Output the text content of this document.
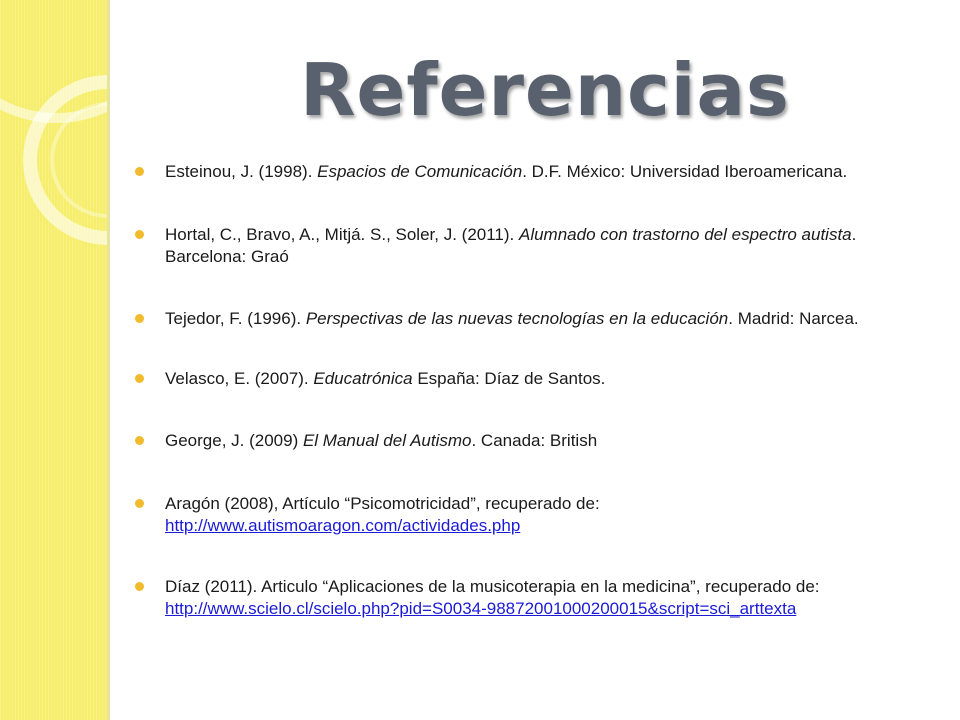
Referencias
Esteinou, J. (1998). Espacios de Comunicación. D.F. México: Universidad Iberoamericana.
Hortal, C., Bravo, A., Mitjá. S., Soler, J. (2011). Alumnado con trastorno del espectro autista. Barcelona: Graó
Tejedor, F. (1996). Perspectivas de las nuevas tecnologías en la educación. Madrid: Narcea.
Velasco, E. (2007). Educatrónica España: Díaz de Santos.
George, J. (2009) El Manual del Autismo. Canada: British
Aragón (2008), Artículo “Psicomotricidad”, recuperado de: http://www.autismoaragon.com/actividades.php
Díaz (2011). Articulo “Aplicaciones de la musicoterapia en la medicina”, recuperado de: http://www.scielo.cl/scielo.php?pid=S0034-98872001000200015&script=sci_arttexta
